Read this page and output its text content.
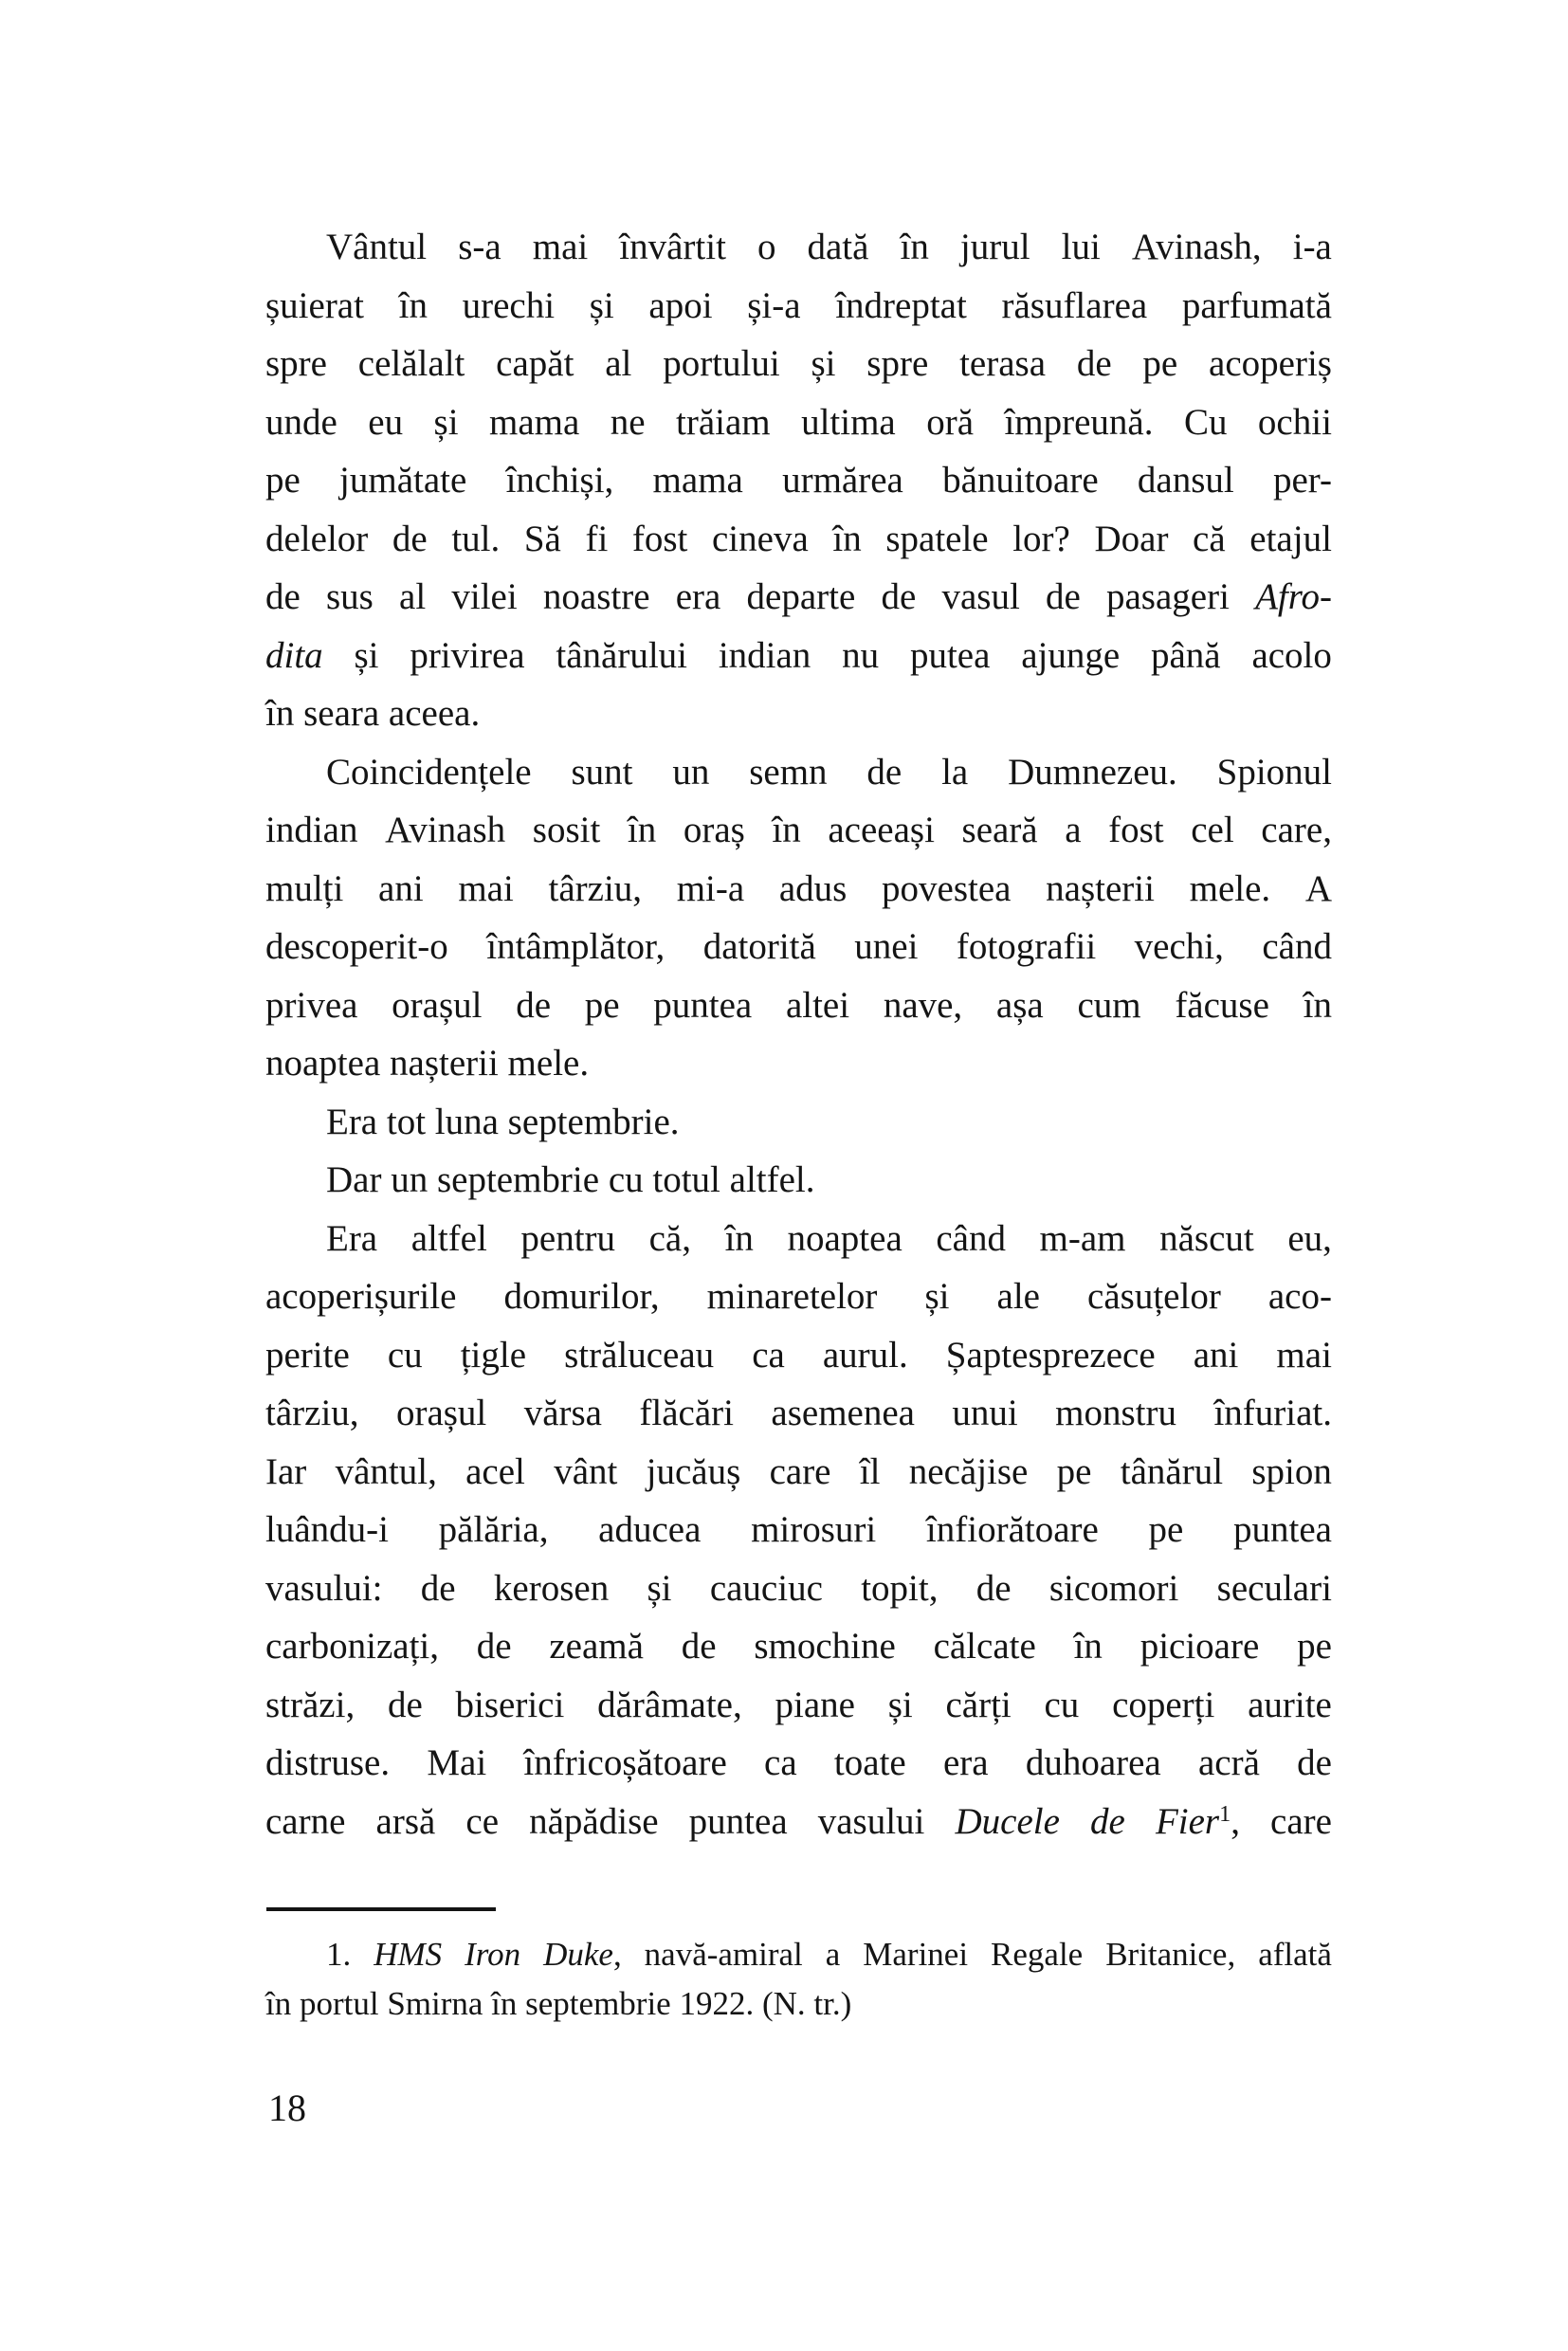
Vântul s-a mai învârtit o dată în jurul lui Avinash, i-a
șuierat în urechi și apoi și-a îndreptat răsuflarea parfumată
spre celălalt capăt al portului și spre terasa de pe acoperiș
unde eu și mama ne trăiam ultima oră împreună. Cu ochii
pe jumătate închiși, mama urmărea bănuitoare dansul per-
delelor de tul. Să fi fost cineva în spatele lor? Doar că etajul
de sus al vilei noastre era departe de vasul de pasageri Afro-
dita și privirea tânărului indian nu putea ajunge până acolo
în seara aceea.
Coincidențele sunt un semn de la Dumnezeu. Spionul
indian Avinash sosit în oraș în aceeași seară a fost cel care,
mulți ani mai târziu, mi-a adus povestea nașterii mele. A
descoperit-o întâmplător, datorită unei fotografii vechi, când
privea orașul de pe puntea altei nave, așa cum făcuse în
noaptea nașterii mele.
Era tot luna septembrie.
Dar un septembrie cu totul altfel.
Era altfel pentru că, în noaptea când m-am născut eu,
acoperișurile domurilor, minaretelor și ale căsuțelor aco-
perite cu țigle străluceau ca aurul. Șaptesprezece ani mai
târziu, orașul vărsa flăcări asemenea unui monstru înfuriat.
Iar vântul, acel vânt jucăuș care îl necăjise pe tânărul spion
luându-i pălăria, aducea mirosuri înfiorătoare pe puntea
vasului: de kerosen și cauciuc topit, de sicomori seculari
carbonizați, de zeamă de smochine călcate în picioare pe
străzi, de biserici dărâmate, piane și cărți cu coperți aurite
distruse. Mai înfricoșătoare ca toate era duhoarea acră de
carne arsă ce năpădise puntea vasului Ducele de Fier$^1$, care
1. HMS Iron Duke, navă-amiral a Marinei Regale Britanice, aflată
în portul Smirna în septembrie 1922. (N. tr.)
18
